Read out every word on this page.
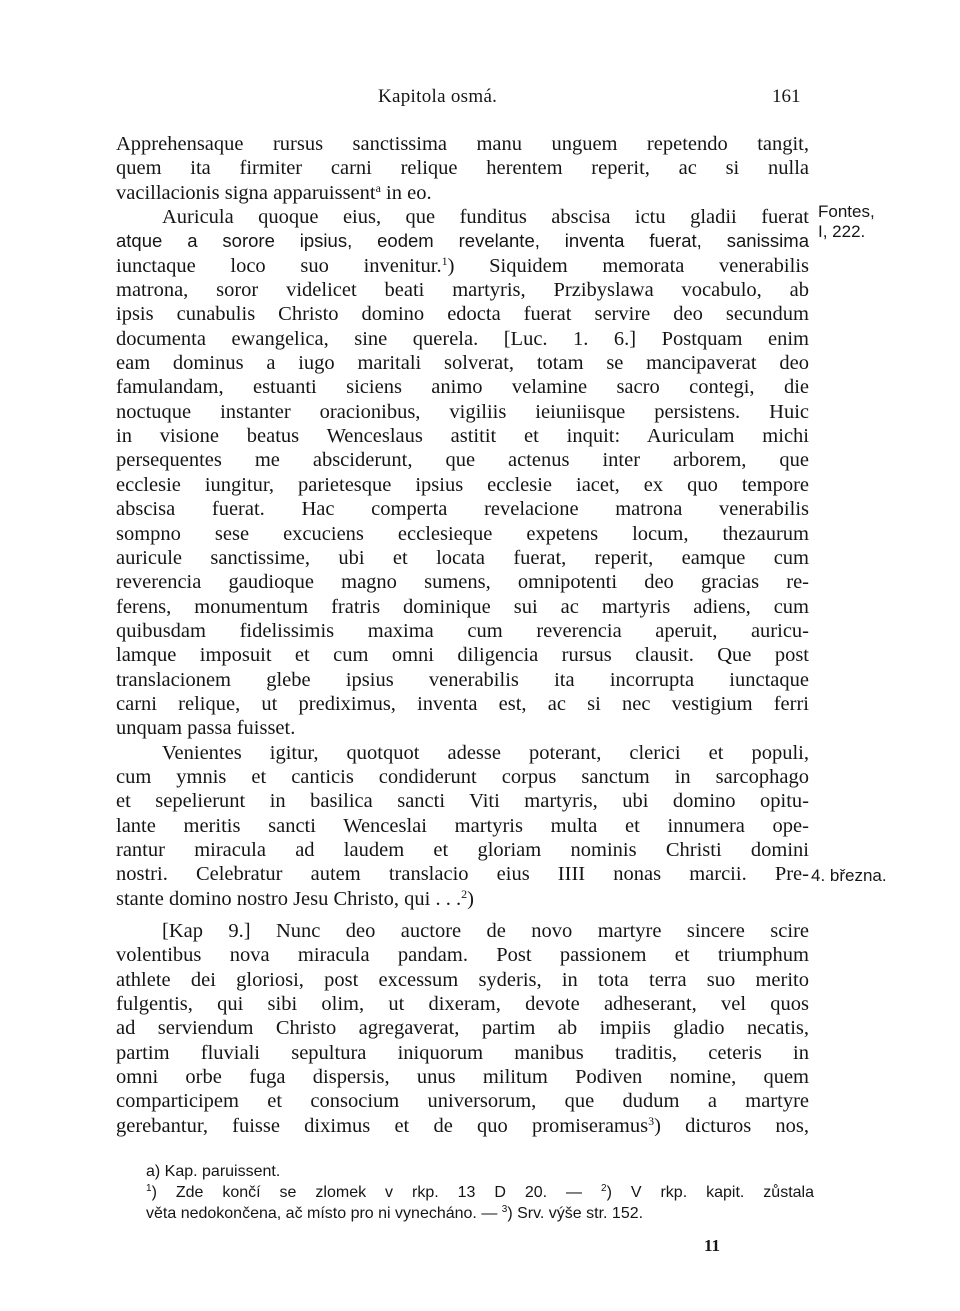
Kapitola osmá.	161
Apprehensaque rursus sanctissima manu unguem repetendo tangit,
quem ita firmiter carni relique herentem reperit, ac si nulla
vacillacionis signa apparuissent$^a$ in eo.
Auricula quoque eius, que funditus abscisa ictu gladii fuerat
atque a sorore ipsius, eodem revelante, inventa fuerat, sanissima
iunctaque loco suo invenitur.$^1$) Siquidem memorata venerabilis
matrona, soror videlicet beati martyris, Przibyslawa vocabulo, ab
ipsis cunabulis Christo domino edocta fuerat servire deo secundum
documenta ewangelica, sine querela. [Luc. 1. 6.] Postquam enim
eam dominus a iugo maritali solverat, totam se mancipaverat deo
famulandam, estuanti siciens animo velamine sacro contegi, die
noctuque instanter oracionibus, vigiliis ieiuniisque persistens. Huic
in visione beatus Wenceslaus astitit et inquit: Auriculam michi
persequentes me absciderunt, que actenus inter arborem, que
ecclesie iungitur, parietesque ipsius ecclesie iacet, ex quo tempore
abscisa fuerat. Hac comperta revelacione matrona venerabilis
sompno sese excuciens ecclesieque expetens locum, thezaurum
auricule sanctissime, ubi et locata fuerat, reperit, eamque cum
reverencia gaudioque magno sumens, omnipotenti deo gracias re-
ferens, monumentum fratris dominique sui ac martyris adiens, cum
quibusdam fidelissimis maxima cum reverencia aperuit, auricu-
lamque imposuit et cum omni diligencia rursus clausit. Que post
translacionem glebe ipsius venerabilis ita incorrupta iunctaque
carni relique, ut prediximus, inventa est, ac si nec vestigium ferri
unquam passa fuisset.
Venientes igitur, quotquot adesse poterant, clerici et populi,
cum ymnis et canticis condiderunt corpus sanctum in sarcophago
et sepelierunt in basilica sancti Viti martyris, ubi domino opitu-
lante meritis sancti Wenceslai martyris multa et innumera ope-
rantur miracula ad laudem et gloriam nominis Christi domini
nostri. Celebratur autem translacio eius IIII nonas marcii. Pre-
stante domino nostro Jesu Christo, qui . . .$^2$)
[Kap 9.] Nunc deo auctore de novo martyre sincere scire
volentibus nova miracula pandam. Post passionem et triumphum
athlete dei gloriosi, post excessum syderis, in tota terra suo merito
fulgentis, qui sibi olim, ut dixeram, devote adheserant, vel quos
ad serviendum Christo agregaverat, partim ab impiis gladio necatis,
partim fluviali sepultura iniquorum manibus traditis, ceteris in
omni orbe fuga dispersis, unus militum Podiven nomine, quem
comparticipem et consocium universorum, que dudum a martyre
gerebantur, fuisse diximus et de quo promiseramus$^3$) dicturos nos,
Fontes,
I, 222.
4. března.
a) Kap. paruissent.
$^1$) Zde končí se zlomek v rkp. 13 D 20. — $^2$) V rkp. kapit. zůstala
věta nedokončena, ač místo pro ni vynecháno. — $^3$) Srv. výše str. 152.
11
